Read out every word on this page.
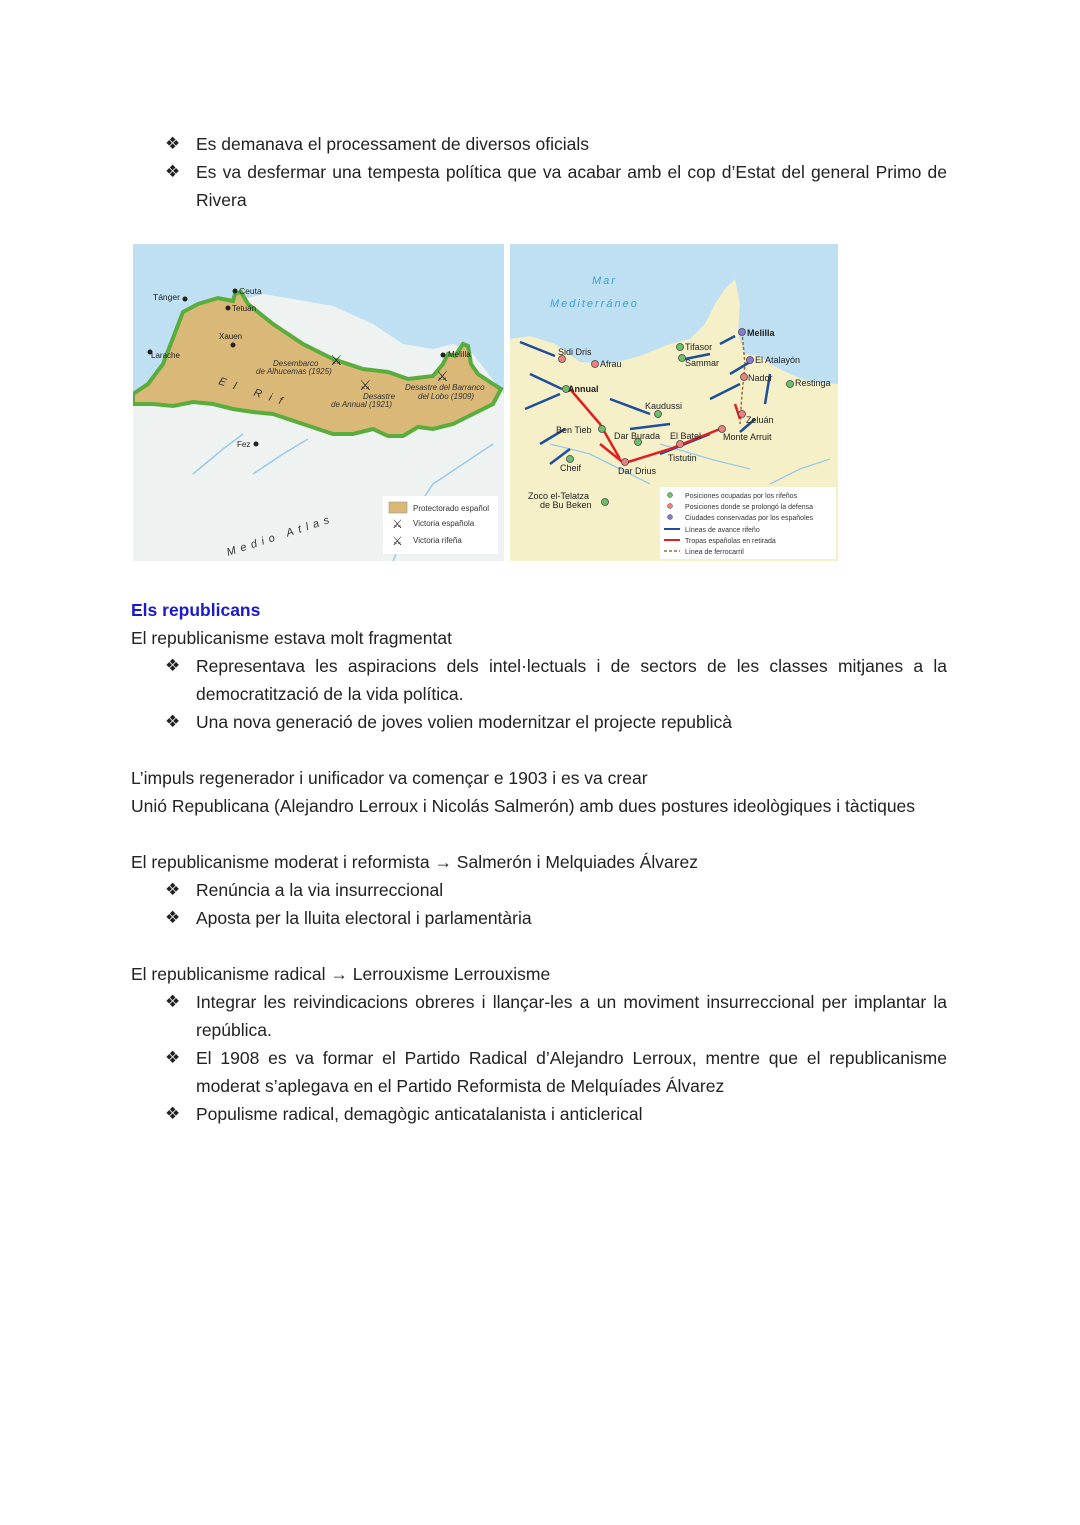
❖ Es demanava el processament de diversos oficials
❖ Es va desfermar una tempesta política que va acabar amb el cop d’Estat del general Primo de Rivera
Tánger
Ceuta
Tetuán
Xauen
Larache	Melilla
Fez
Desembarco
de Alhucemas (1925)
Desastre
de Annual (1921)
Desastre del Barranco
del Lobo (1909)
⚔
⚔
⚔
El Rif
Medio Atlas
Protectorado español
⚔ Victoria española
⚔ Victoria rifeña
Mar
Mediterráneo
Sidi Dris
Afrau
Tifasor
Sammar
Melilla
El Atalayón
Nador Restinga
Annual
Kaudussi
Zeluán
Ben Tieb
Dar Burada El Batel Monte Arruit
Tistutin
Cheif	Dar Drius
Zoco el-Telatza
de Bu Beken
Posiciones ocupadas por los rifeños
Posiciones donde se prolongó la defensa
Ciudades conservadas por los españoles
Líneas de avance rifeño
Tropas españolas en retirada
Línea de ferrocarril
Els republicans
El republicanisme estava molt fragmentat
❖ Representava les aspiracions dels intel·lectuals i de sectors de les classes mitjanes a la democratització de la vida política.
❖ Una nova generació de joves volien modernitzar el projecte republicà
L’impuls regenerador i unificador va començar e 1903 i es va crear
Unió Republicana (Alejandro Lerroux i Nicolás Salmerón) amb dues postures ideològiques i tàctiques
El republicanisme moderat i reformista → Salmerón i Melquiades Álvarez
❖ Renúncia a la via insurreccional
❖ Aposta per la lluita electoral i parlamentària
El republicanisme radical → Lerrouxisme Lerrouxisme
❖ Integrar les reivindicacions obreres i llançar-les a un moviment insurreccional per implantar la república.
❖ El 1908 es va formar el Partido Radical d’Alejandro Lerroux, mentre que el republicanisme moderat s’aplegava en el Partido Reformista de Melquíades Álvarez
❖ Populisme radical, demagògic anticatalanista i anticlerical
